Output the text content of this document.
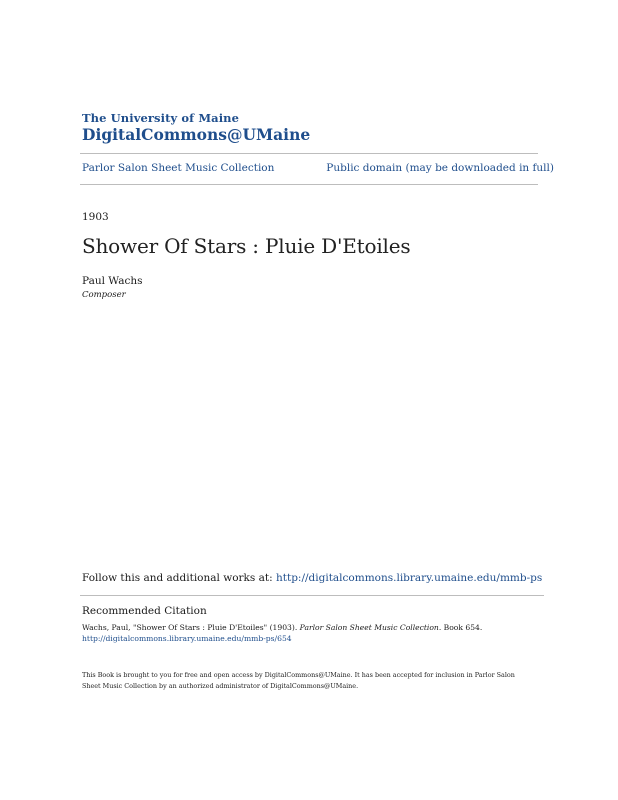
The University of Maine
DigitalCommons@UMaine
Parlor Salon Sheet Music Collection	Public domain (may be downloaded in full)
1903
Shower Of Stars : Pluie D'Etoiles
Paul Wachs
Composer
Follow this and additional works at: http://digitalcommons.library.umaine.edu/mmb-ps
Recommended Citation
Wachs, Paul, "Shower Of Stars : Pluie D'Etoiles" (1903). Parlor Salon Sheet Music Collection. Book 654.
http://digitalcommons.library.umaine.edu/mmb-ps/654
This Book is brought to you for free and open access by DigitalCommons@UMaine. It has been accepted for inclusion in Parlor Salon Sheet Music Collection by an authorized administrator of DigitalCommons@UMaine.
